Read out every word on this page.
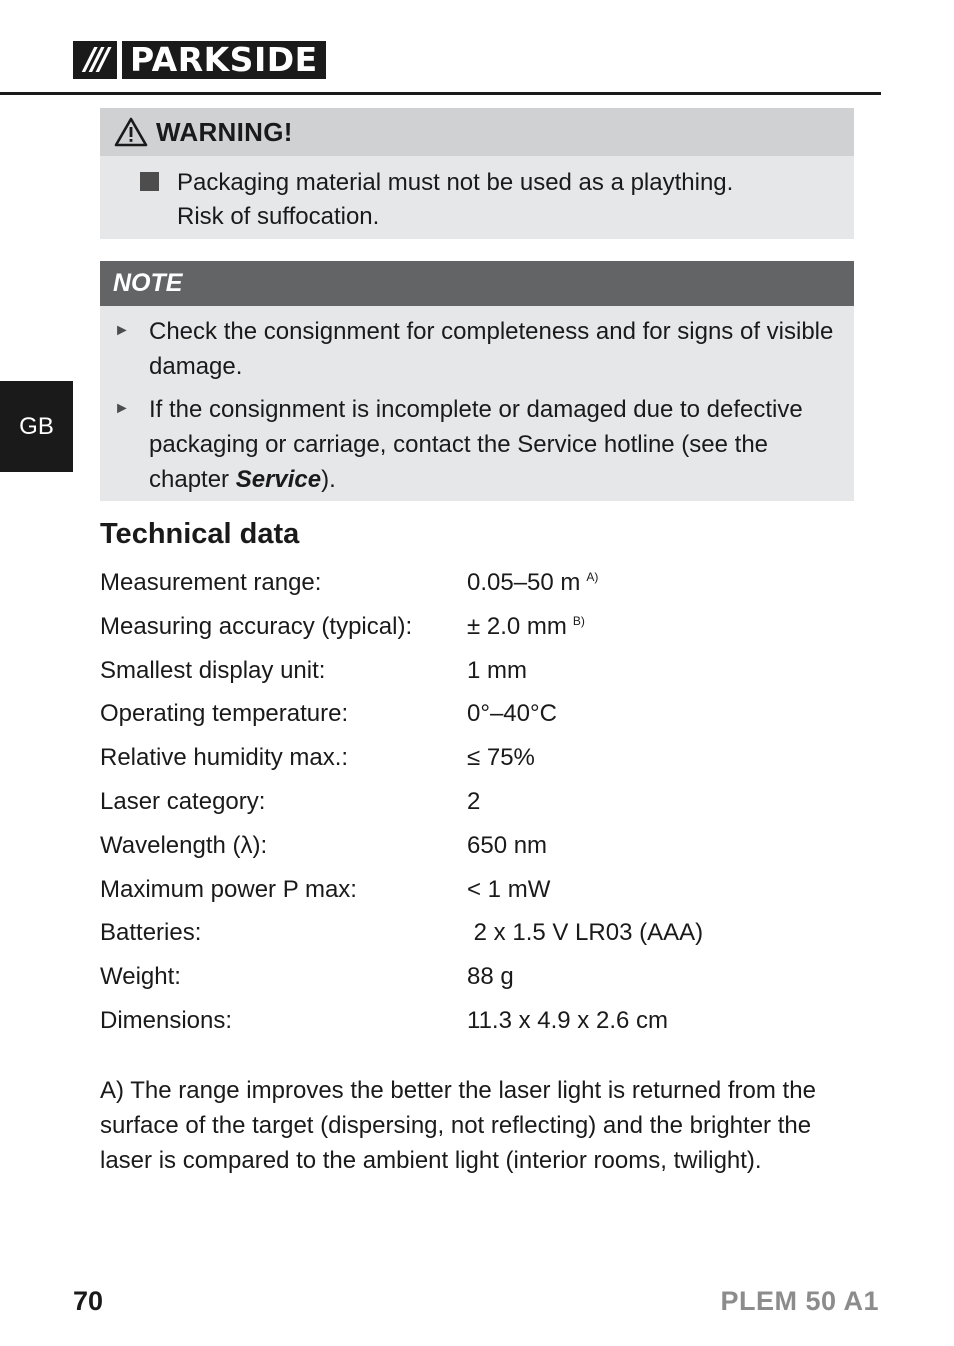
/// PARKSIDE
WARNING!
Packaging material must not be used as a plaything.
Risk of suffocation.
NOTE
► Check the consignment for completeness and for signs of visible damage.
► If the consignment is incomplete or damaged due to defective packaging or carriage, contact the Service hotline (see the chapter Service).
Technical data
Measurement range:	0.05–50 m $^{A)}$
Measuring accuracy (typical): ± 2.0 mm $^{B)}$
Smallest display unit:	1 mm
Operating temperature:	0°–40°C
Relative humidity max.:	≤ 75%
Laser category:	2
Wavelength (λ):	650 nm
Maximum power P max:	< 1 mW
Batteries:	2 x 1.5 V LR03 (AAA)
Weight:	88 g
Dimensions:	11.3 x 4.9 x 2.6 cm
A) The range improves the better the laser light is returned from the surface of the target (dispersing, not reflecting) and the brighter the laser is compared to the ambient light (interior rooms, twilight).
GB
70	PLEM 50 A1
